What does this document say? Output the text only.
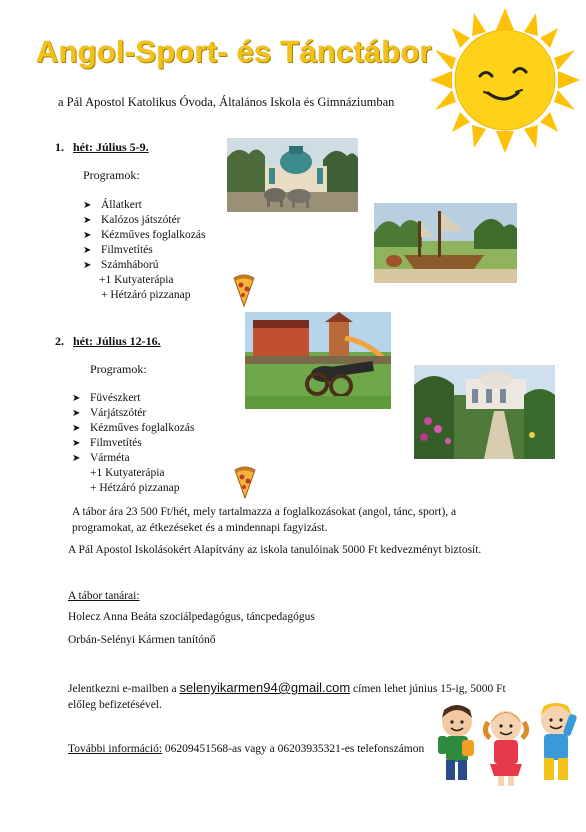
Angol-Sport- és Tánctábor
a Pál Apostol Katolikus Óvoda, Általános Iskola és Gimnáziumban
1. hét: Július 5-9.
Programok:
➤ Állatkert
➤ Kalózos játszótér
➤ Kézműves foglalkozás
➤ Filmvetítés
➤ Számháború
+1 Kutyaterápia
+ Hétzáró pizzanap
2. hét: Július 12-16.
Programok:
➤ Füvészkert
➤ Várjátszótér
➤ Kézműves foglalkozás
➤ Filmvetítés
➤ Várméta
+1 Kutyaterápia
+ Hétzáró pizzanap
A tábor ára 23 500 Ft/hét, mely tartalmazza a foglalkozásokat (angol, tánc, sport), a programokat, az étkezéseket és a mindennapi fagyizást.
A Pál Apostol Iskolásokért Alapítvány az iskola tanulóinak 5000 Ft kedvezményt biztosít.
A tábor tanárai:
Holecz Anna Beáta szociálpedagógus, táncpedagógus
Orbán-Selényi Kármen tanítónő
Jelentkezni e-mailben a selenyikarmen94@gmail.com címen lehet június 15-ig, 5000 Ft
előleg befizetésével.
További információ: 06209451568-as vagy a 06203935321-es telefonszámon
